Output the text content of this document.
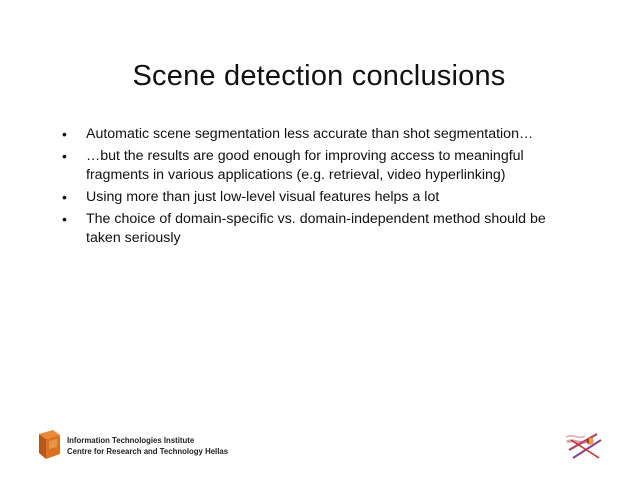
Scene detection conclusions
• Automatic scene segmentation less accurate than shot segmentation…
• …but the results are good enough for improving access to meaningful fragments in various applications (e.g. retrieval, video hyperlinking)
• Using more than just low-level visual features helps a lot
• The choice of domain-specific vs. domain-independent method should be taken seriously
Information Technologies Institute
Centre for Research and Technology Hellas
